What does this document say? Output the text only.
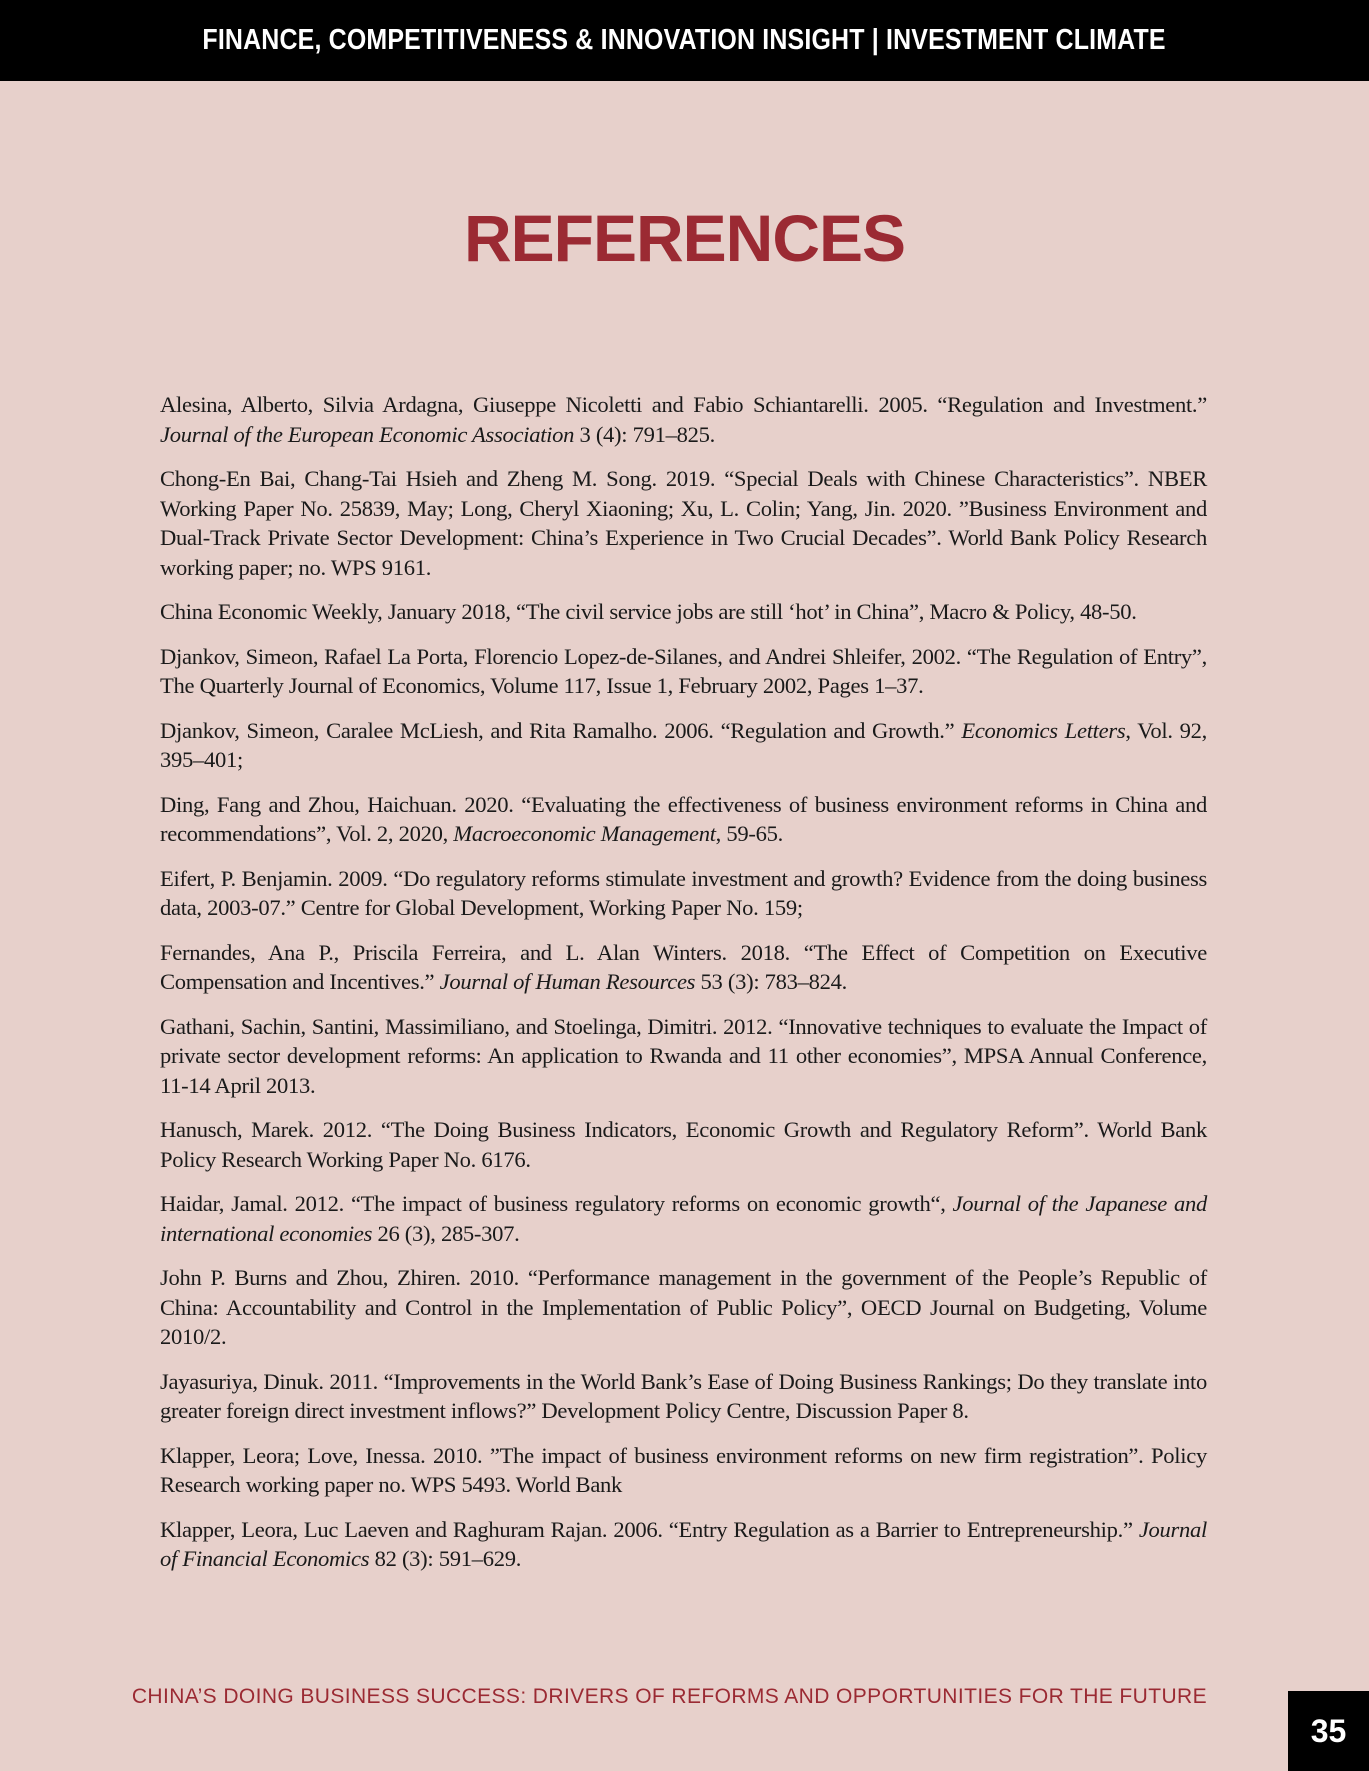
FINANCE, COMPETITIVENESS & INNOVATION INSIGHT | INVESTMENT CLIMATE
REFERENCES
Alesina, Alberto, Silvia Ardagna, Giuseppe Nicoletti and Fabio Schiantarelli. 2005. “Regulation and Investment.” Journal of the European Economic Association 3 (4): 791–825.
Chong-En Bai, Chang-Tai Hsieh and Zheng M. Song. 2019. “Special Deals with Chinese Characteristics”. NBER Working Paper No. 25839, May; Long, Cheryl Xiaoning; Xu, L. Colin; Yang, Jin. 2020. ”Business Environment and Dual-Track Private Sector Development: China’s Experience in Two Crucial Decades”. World Bank Policy Research working paper; no. WPS 9161.
China Economic Weekly, January 2018, “The civil service jobs are still ‘hot’ in China”, Macro & Policy, 48-50.
Djankov, Simeon, Rafael La Porta, Florencio Lopez-de-Silanes, and Andrei Shleifer, 2002. “The Regulation of Entry”, The Quarterly Journal of Economics, Volume 117, Issue 1, February 2002, Pages 1–37.
Djankov, Simeon, Caralee McLiesh, and Rita Ramalho. 2006. “Regulation and Growth.” Economics Letters, Vol. 92, 395–401;
Ding, Fang and Zhou, Haichuan. 2020. “Evaluating the effectiveness of business environment reforms in China and recommendations”, Vol. 2, 2020, Macroeconomic Management, 59-65.
Eifert, P. Benjamin. 2009. “Do regulatory reforms stimulate investment and growth? Evidence from the doing business data, 2003-07.” Centre for Global Development, Working Paper No. 159;
Fernandes, Ana P., Priscila Ferreira, and L. Alan Winters. 2018. “The Effect of Competition on Executive Compensation and Incentives.” Journal of Human Resources 53 (3): 783–824.
Gathani, Sachin, Santini, Massimiliano, and Stoelinga, Dimitri. 2012. “Innovative techniques to evaluate the Impact of private sector development reforms: An application to Rwanda and 11 other economies”, MPSA Annual Conference, 11-14 April 2013.
Hanusch, Marek. 2012. “The Doing Business Indicators, Economic Growth and Regulatory Reform”. World Bank Policy Research Working Paper No. 6176.
Haidar, Jamal. 2012. “The impact of business regulatory reforms on economic growth“, Journal of the Japanese and international economies 26 (3), 285-307.
John P. Burns and Zhou, Zhiren. 2010. “Performance management in the government of the People’s Republic of China: Accountability and Control in the Implementation of Public Policy”, OECD Journal on Budgeting, Volume 2010/2.
Jayasuriya, Dinuk. 2011. “Improvements in the World Bank’s Ease of Doing Business Rankings; Do they translate into greater foreign direct investment inflows?” Development Policy Centre, Discussion Paper 8.
Klapper, Leora; Love, Inessa. 2010. ”The impact of business environment reforms on new firm registration”. Policy Research working paper no. WPS 5493. World Bank
Klapper, Leora, Luc Laeven and Raghuram Rajan. 2006. “Entry Regulation as a Barrier to Entrepreneurship.” Journal of Financial Economics 82 (3): 591–629.
CHINA’S DOING BUSINESS SUCCESS: DRIVERS OF REFORMS AND OPPORTUNITIES FOR THE FUTURE
35
